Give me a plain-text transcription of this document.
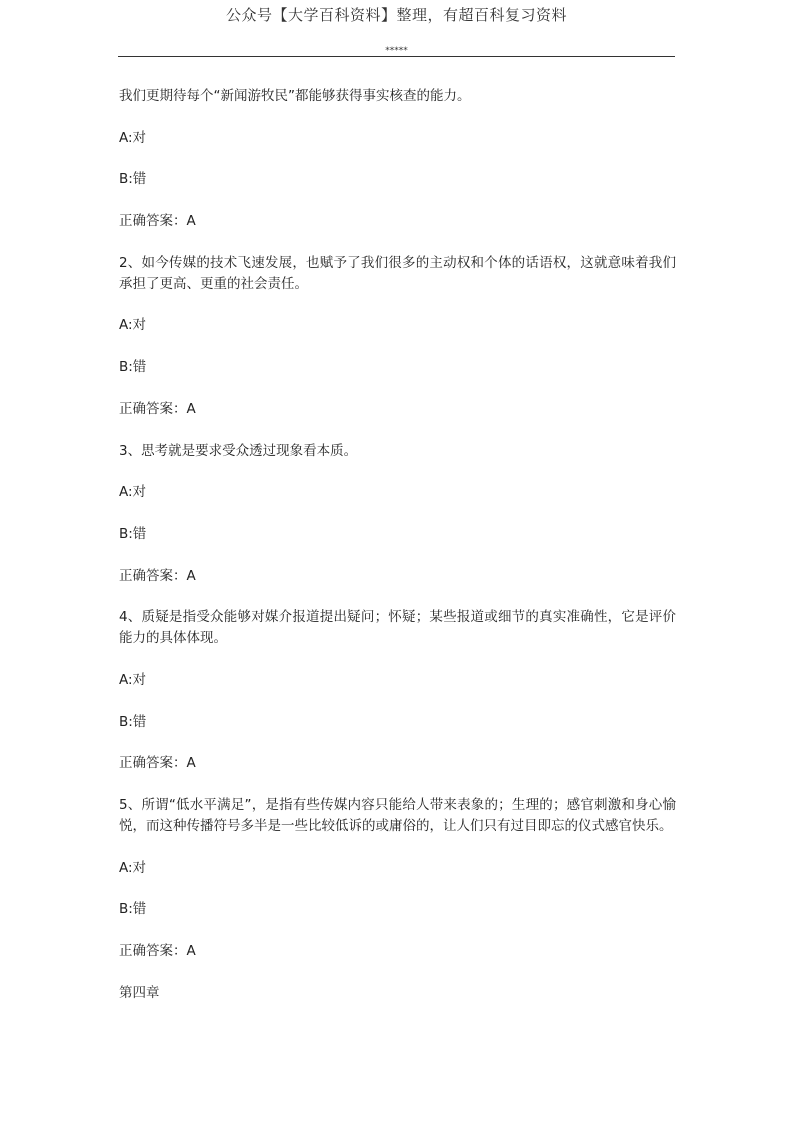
公众号【大学百科资料】整理，有超百科复习资料
*****

我们更期待每个“新闻游牧民”都能够获得事实核查的能力。

A:对

B:错

正确答案：A

2、如今传媒的技术飞速发展，也赋予了我们很多的主动权和个体的话语权，这就意味着我们承担了更高、更重的社会责任。

A:对

B:错

正确答案：A

3、思考就是要求受众透过现象看本质。

A:对

B:错

正确答案：A

4、质疑是指受众能够对媒介报道提出疑问；怀疑；某些报道或细节的真实准确性，它是评价能力的具体体现。

A:对

B:错

正确答案：A

5、所谓“低水平满足”，是指有些传媒内容只能给人带来表象的；生理的；感官刺激和身心愉悦，而这种传播符号多半是一些比较低诉的或庸俗的，让人们只有过目即忘的仪式感官快乐。

A:对

B:错

正确答案：A

第四章
